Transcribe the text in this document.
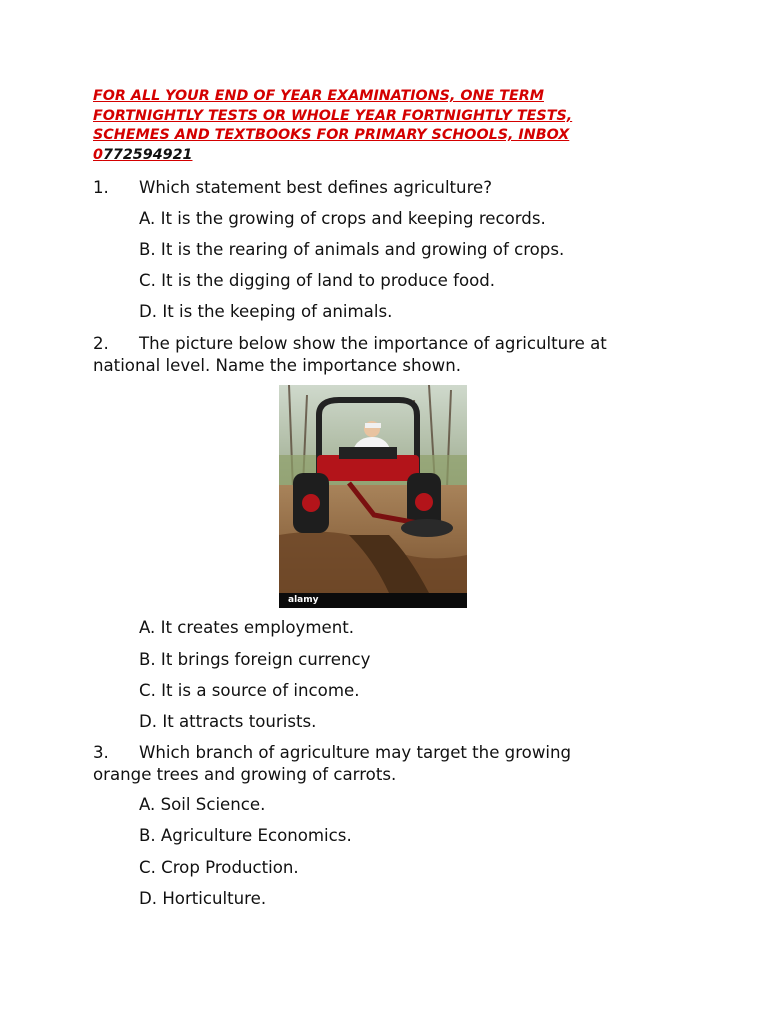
FOR ALL YOUR END OF YEAR EXAMINATIONS, ONE TERM
FORTNIGHTLY TESTS OR WHOLE YEAR FORTNIGHTLY TESTS,
SCHEMES AND TEXTBOOKS FOR PRIMARY SCHOOLS, INBOX
0772594921
1. Which statement best defines agriculture?
A. It is the growing of crops and keeping records.
B. It is the rearing of animals and growing of crops.
C. It is the digging of land to produce food.
D. It is the keeping of animals.
2. The picture below show the importance of agriculture at
national level. Name the importance shown.
alamy
A. It creates employment.
B. It brings foreign currency
C. It is a source of income.
D. It attracts tourists.
3. Which branch of agriculture may target the growing
orange trees and growing of carrots.
A. Soil Science.
B. Agriculture Economics.
C. Crop Production.
D. Horticulture.
